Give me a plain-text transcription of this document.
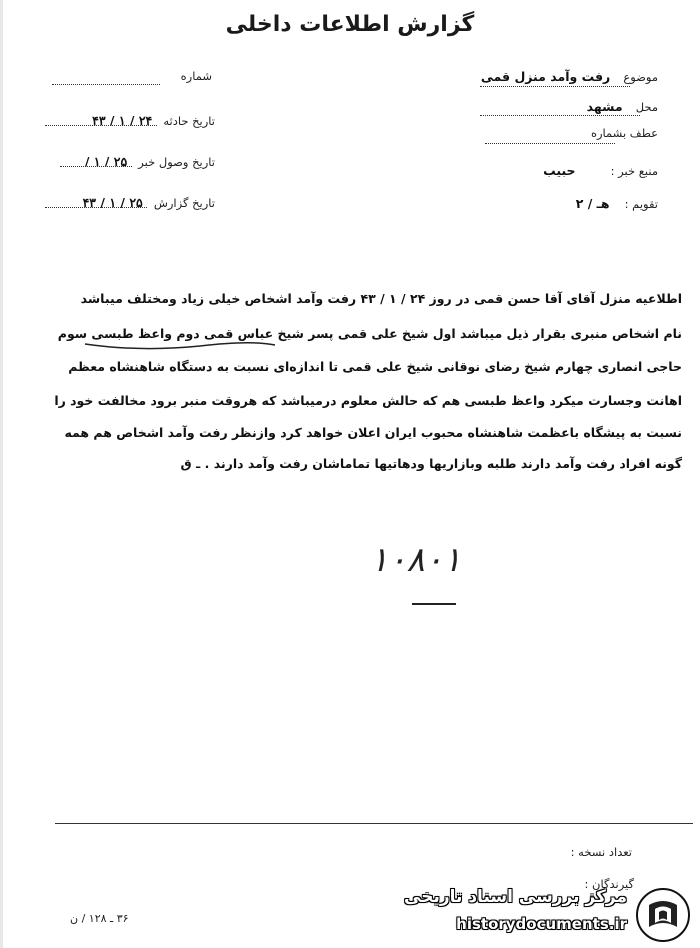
گزارش اطلاعات داخلی
موضوع رفت وآمد منزل قمی
محل مشهد
عطف بشماره
منبع خبر : حبیب
تقویم : هـ / ۲
شماره
تاریخ حادثه ۲۴ / ۱ / ۴۳
تاریخ وصول خبر ۲۵ / ۱ /
تاریخ گزارش ۲۵ / ۱ / ۴۳
اطلاعیه منزل آقای آقا حسن قمی در روز ۲۴ / ۱ / ۴۳ رفت وآمد اشخاص خیلی زیاد ومختلف میباشد
نام اشخاص منبری بقرار ذیل میباشد اول شیخ علی قمی پسر شیخ عباس قمی دوم واعظ طبسی سوم
حاجی انصاری چهارم شیخ رضای نوقانی شیخ علی قمی تا اندازه‌ای نسبت به دستگاه شاهنشاه معظم
اهانت وجسارت میکرد واعظ طبسی هم که حالش معلوم درمیباشد که هروقت منبر برود مخالفت خود را
نسبت به پیشگاه باعظمت شاهنشاه محبوب ایران اعلان خواهد کرد وازنظر رفت وآمد اشخاص هم همه
گونه افراد رفت وآمد دارند طلبه وبازاریها ودهاتیها تماماشان رفت وآمد دارند . ـ ق
۱۰۸۰۱
تعداد نسخه :
گیرندگان :
۳۶ ـ ۱۲۸ / ن
مرکز بررسی اسناد تاریخی
historydocuments.ir
